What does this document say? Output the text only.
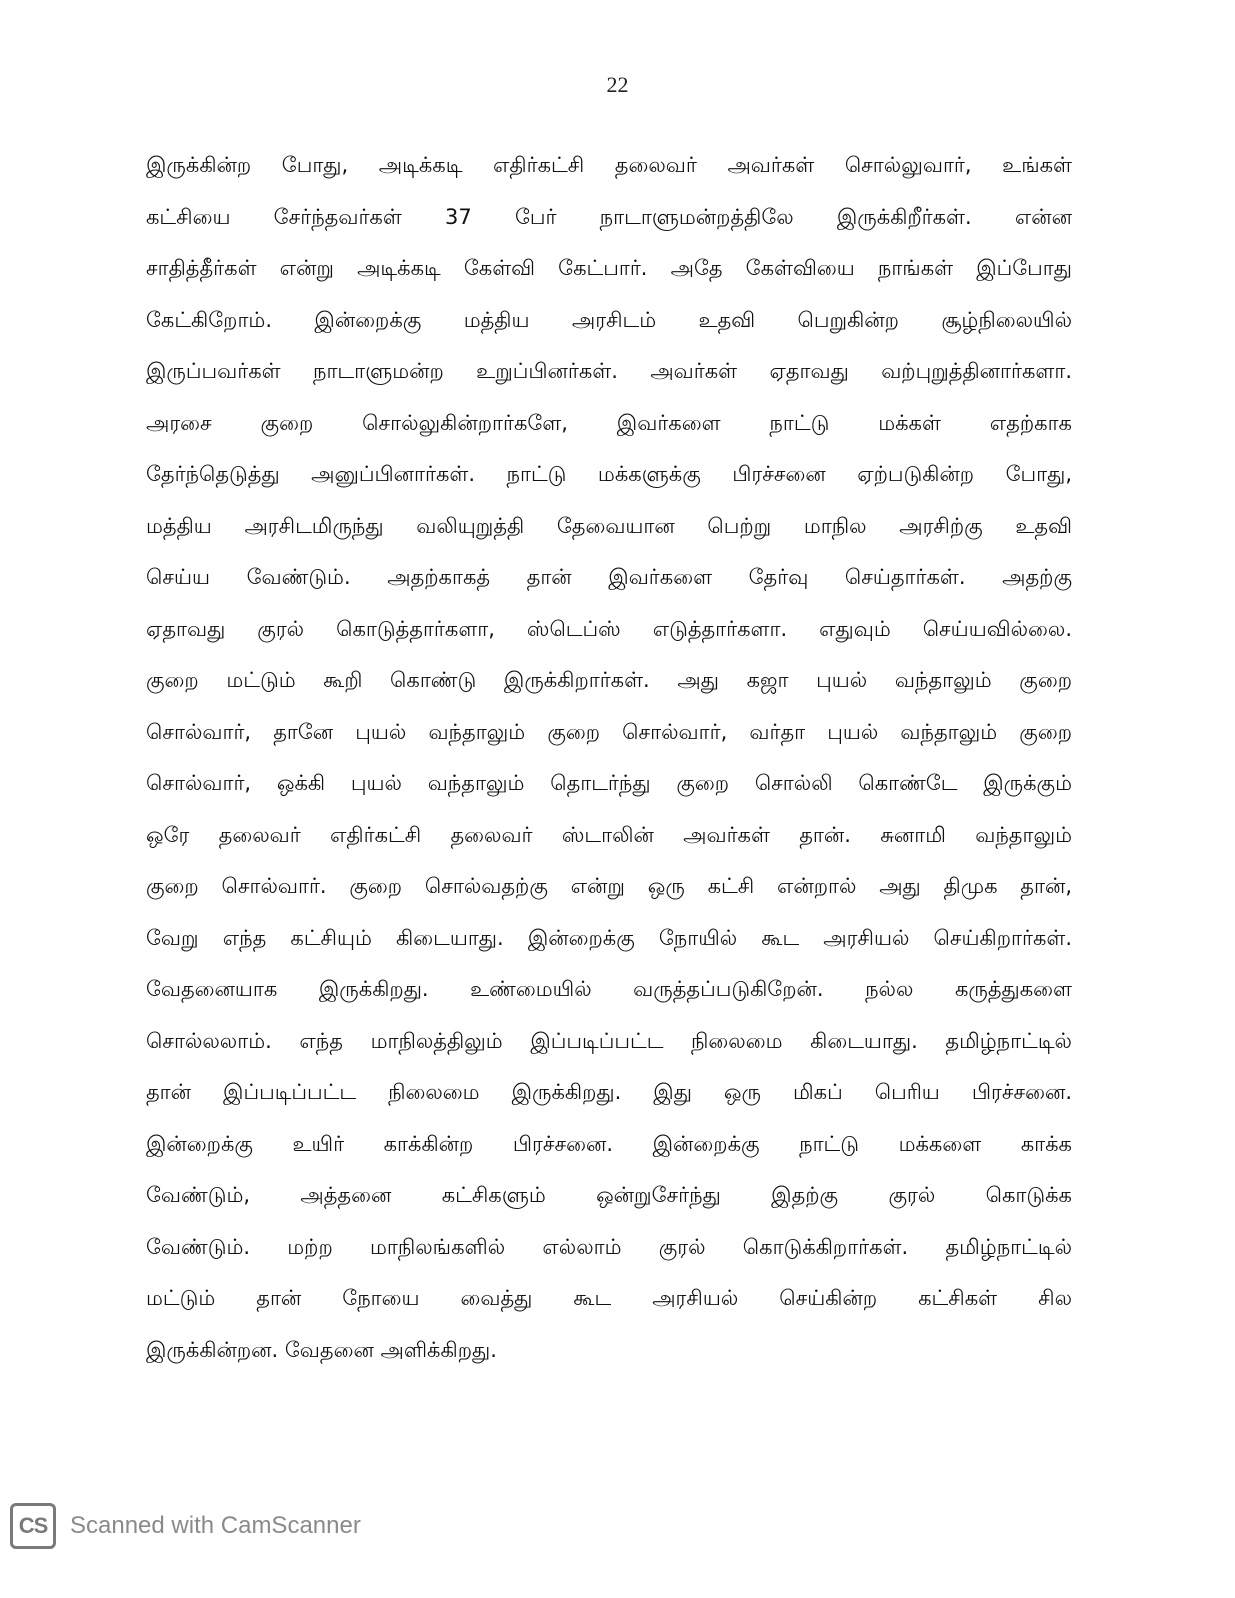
22
இருக்கின்ற போது, அடிக்கடி எதிர்கட்சி தலைவர் அவர்கள் சொல்லுவார், உங்கள்
கட்சியை சேர்ந்தவர்கள் 37 பேர் நாடாளுமன்றத்திலே இருக்கிறீர்கள். என்ன
சாதித்தீர்கள் என்று அடிக்கடி கேள்வி கேட்பார். அதே கேள்வியை நாங்கள் இப்போது
கேட்கிறோம். இன்றைக்கு மத்திய அரசிடம் உதவி பெறுகின்ற சூழ்நிலையில்
இருப்பவர்கள் நாடாளுமன்ற உறுப்பினர்கள். அவர்கள் ஏதாவது வற்புறுத்தினார்களா.
அரசை குறை சொல்லுகின்றார்களே, இவர்களை நாட்டு மக்கள் எதற்காக
தேர்ந்தெடுத்து அனுப்பினார்கள். நாட்டு மக்களுக்கு பிரச்சனை ஏற்படுகின்ற போது,
மத்திய அரசிடமிருந்து வலியுறுத்தி தேவையான பெற்று மாநில அரசிற்கு உதவி
செய்ய வேண்டும். அதற்காகத் தான் இவர்களை தேர்வு செய்தார்கள். அதற்கு
ஏதாவது குரல் கொடுத்தார்களா, ஸ்டெப்ஸ் எடுத்தார்களா. எதுவும் செய்யவில்லை.
குறை மட்டும் கூறி கொண்டு இருக்கிறார்கள். அது கஜா புயல் வந்தாலும் குறை
சொல்வார், தானே புயல் வந்தாலும் குறை சொல்வார், வர்தா புயல் வந்தாலும் குறை
சொல்வார், ஒக்கி புயல் வந்தாலும் தொடர்ந்து குறை சொல்லி கொண்டே இருக்கும்
ஒரே தலைவர் எதிர்கட்சி தலைவர் ஸ்டாலின் அவர்கள் தான். சுனாமி வந்தாலும்
குறை சொல்வார். குறை சொல்வதற்கு என்று ஒரு கட்சி என்றால் அது திமுக தான்,
வேறு எந்த கட்சியும் கிடையாது. இன்றைக்கு நோயில் கூட அரசியல் செய்கிறார்கள்.
வேதனையாக இருக்கிறது. உண்மையில் வருத்தப்படுகிறேன். நல்ல கருத்துகளை
சொல்லலாம். எந்த மாநிலத்திலும் இப்படிப்பட்ட நிலைமை கிடையாது. தமிழ்நாட்டில்
தான் இப்படிப்பட்ட நிலைமை இருக்கிறது. இது ஒரு மிகப் பெரிய பிரச்சனை.
இன்றைக்கு உயிர் காக்கின்ற பிரச்சனை. இன்றைக்கு நாட்டு மக்களை காக்க
வேண்டும், அத்தனை கட்சிகளும் ஒன்றுசேர்ந்து இதற்கு குரல் கொடுக்க
வேண்டும். மற்ற மாநிலங்களில் எல்லாம் குரல் கொடுக்கிறார்கள். தமிழ்நாட்டில்
மட்டும் தான் நோயை வைத்து கூட அரசியல் செய்கின்ற கட்சிகள் சில
இருக்கின்றன. வேதனை அளிக்கிறது.
CS Scanned with CamScanner
